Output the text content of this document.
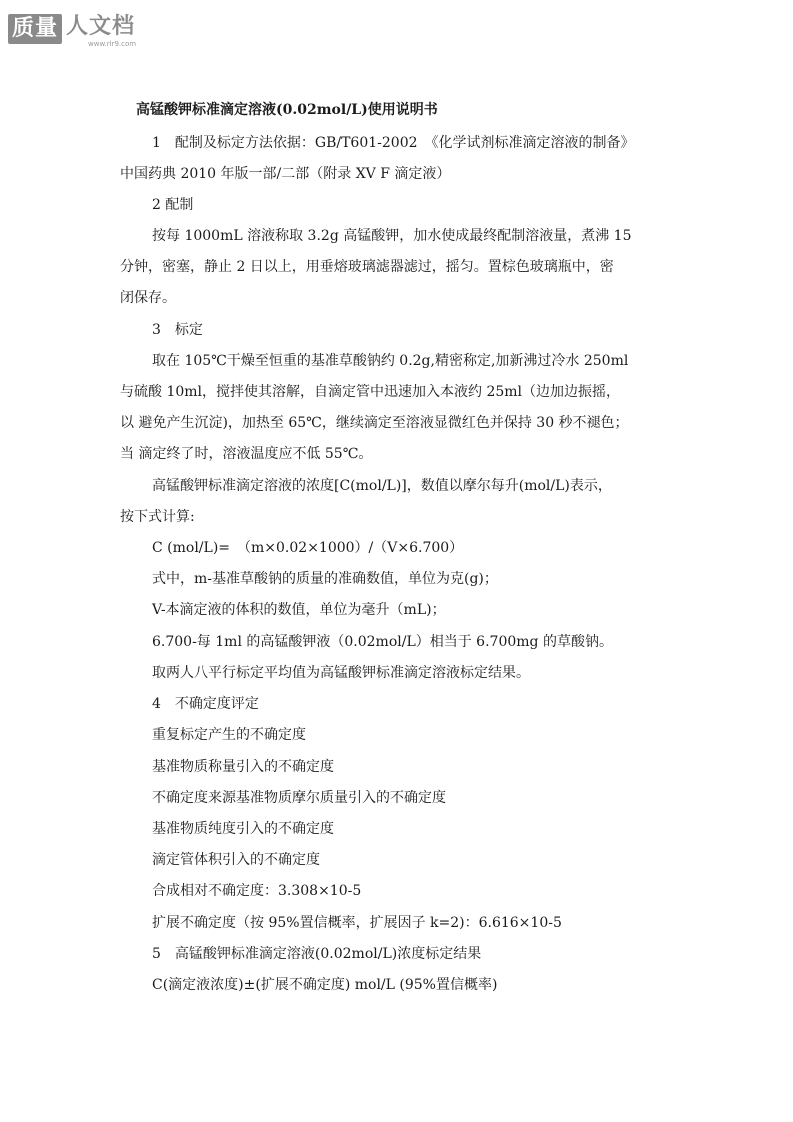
质量 人文档
www.rlr9.com
高锰酸钾标准滴定溶液(0.02mol/L)使用说明书
1　配制及标定方法依据：GB/T601-2002　《化学试剂标准滴定溶液的制备》
中国药典 2010 年版一部/二部（附录 XV F 滴定液）
2 配制
按每 1000mL 溶液称取 3.2g 高锰酸钾，加水使成最终配制溶液量，煮沸 15
分钟，密塞，静止 2 日以上，用垂熔玻璃滤器滤过，摇匀。置棕色玻璃瓶中，密
闭保存。
3　标定
取在 105℃干燥至恒重的基准草酸钠约 0.2g,精密称定,加新沸过冷水 250ml
与硫酸 10ml，搅拌使其溶解，自滴定管中迅速加入本液约 25ml（边加边振摇，
以 避免产生沉淀)，加热至 65℃，继续滴定至溶液显微红色并保持 30 秒不褪色；
当 滴定终了时，溶液温度应不低 55℃。
高锰酸钾标准滴定溶液的浓度[C(mol/L)]，数值以摩尔每升(mol/L)表示，
按下式计算:
C (mol/L)=　（m×0.02×1000）/（V×6.700）
式中，m-基准草酸钠的质量的准确数值，单位为克(g)；
V-本滴定液的体积的数值，单位为毫升（mL)；
6.700-每 1ml 的高锰酸钾液（0.02mol/L）相当于 6.700mg 的草酸钠。
取两人八平行标定平均值为高锰酸钾标准滴定溶液标定结果。
4　不确定度评定
重复标定产生的不确定度
基准物质称量引入的不确定度
不确定度来源基准物质摩尔质量引入的不确定度
基准物质纯度引入的不确定度
滴定管体积引入的不确定度
合成相对不确定度：3.308×10-5
扩展不确定度（按 95%置信概率，扩展因子 k=2)：6.616×10-5
5　高锰酸钾标准滴定溶液(0.02mol/L)浓度标定结果
C(滴定液浓度)±(扩展不确定度) mol/L (95%置信概率)
